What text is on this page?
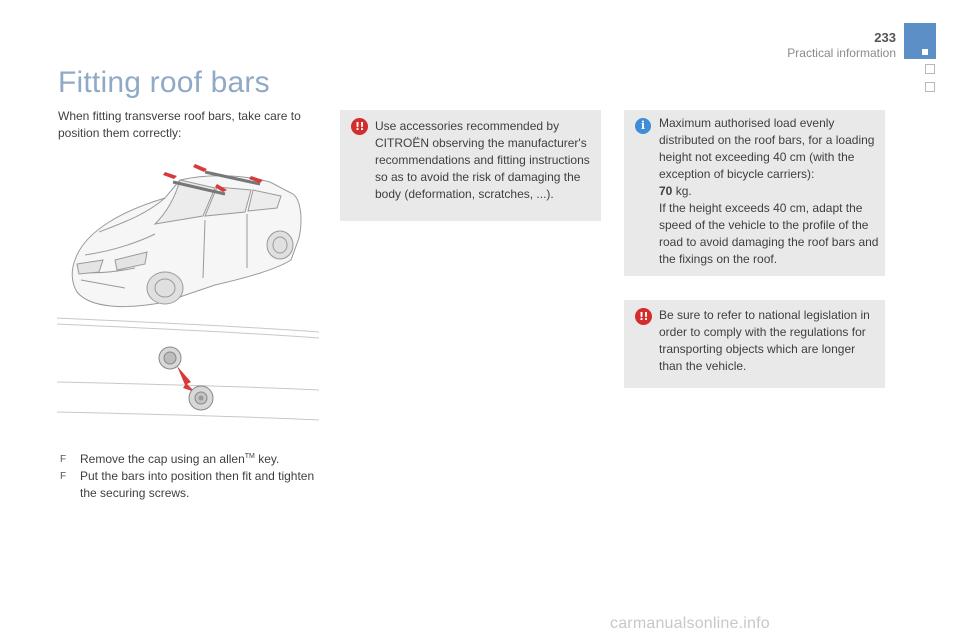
233
Practical information
Fitting roof bars

When fitting transverse roof bars, take care to position them correctly:

F Remove the cap using an allen™ key.
F Put the bars into position then fit and tighten the securing screws.
!! Use accessories recommended by CITROËN observing the manufacturer's recommendations and fitting instructions so as to avoid the risk of damaging the body (deformation, scratches, ...).

i	Maximum authorised load evenly distributed on the roof bars, for a loading height not exceeding 40 cm (with the exception of bicycle carriers):
70 kg.
If the height exceeds 40 cm, adapt the speed of the vehicle to the profile of the road to avoid damaging the roof bars and the fixings on the roof.

!! Be sure to refer to national legislation in order to comply with the regulations for transporting objects which are longer than the vehicle.

carmanualsonline.info
